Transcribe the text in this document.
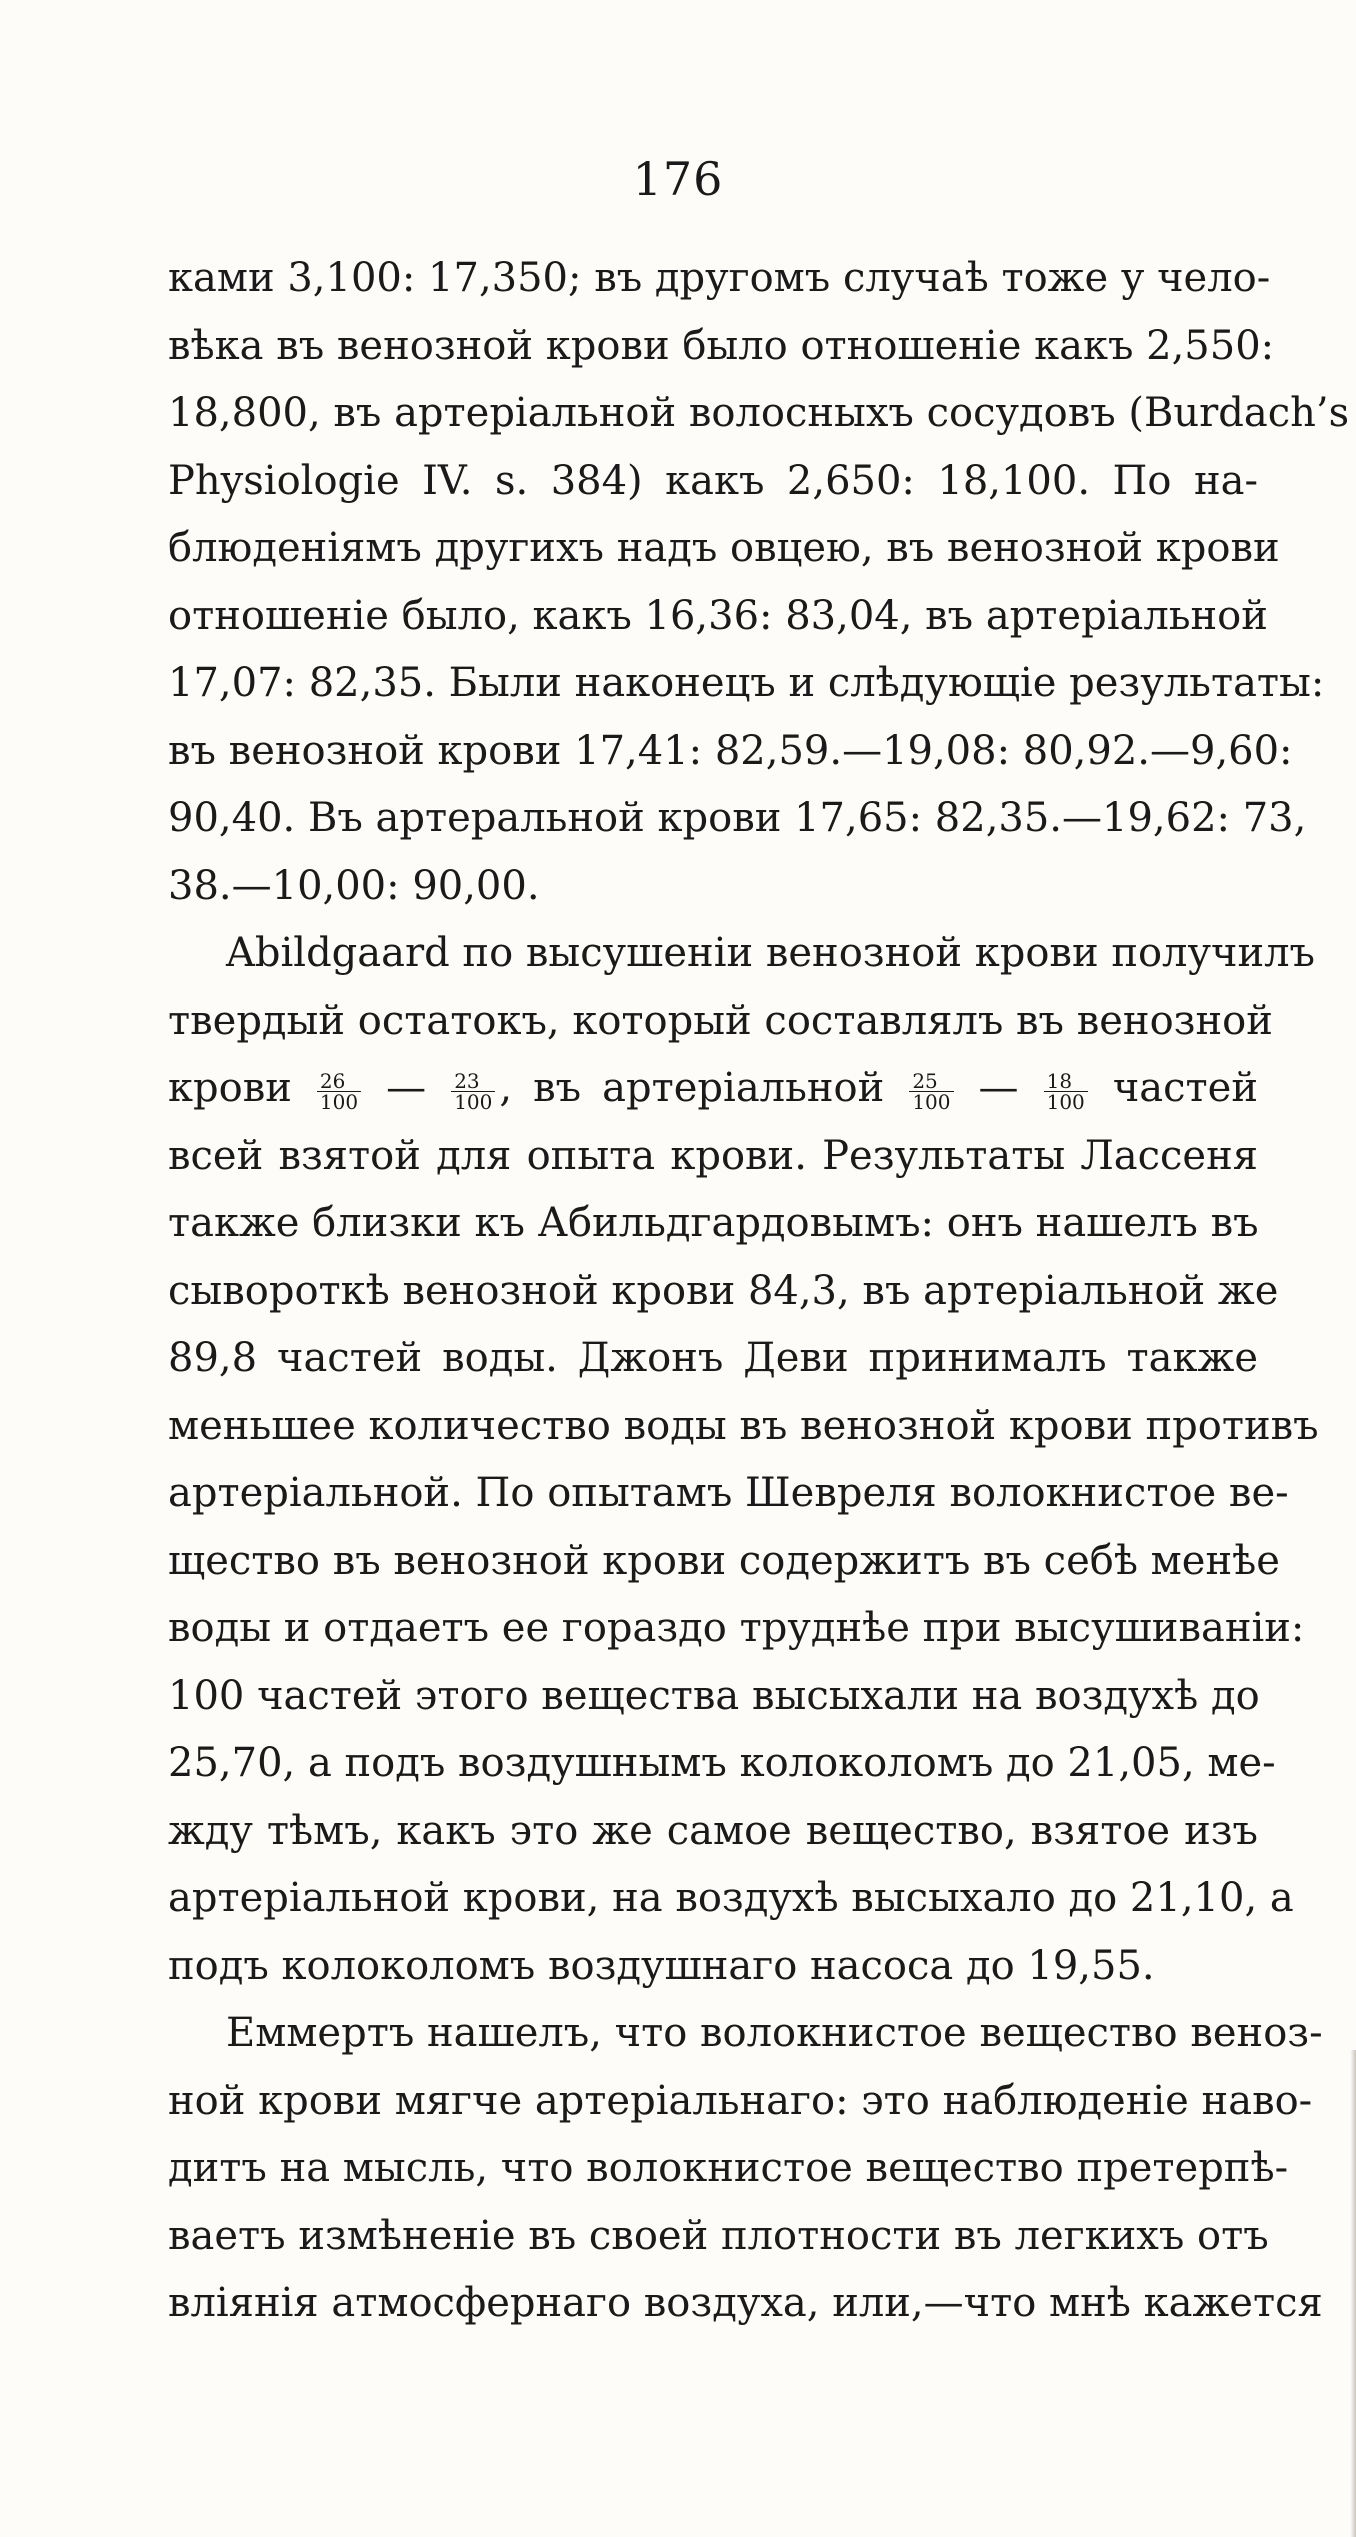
176
ками 3,100: 17,350; въ другомъ случаѣ тоже у чело-
вѣка въ венозной крови было отношеніе какъ 2,550:
18,800, въ артеріальной волосныхъ сосудовъ (Burdach’s
Physiologie IV. s. 384) какъ 2,650: 18,100. По на-
блюденіямъ другихъ надъ овцею, въ венозной крови
отношеніе было, какъ 16,36: 83,04, въ артеріальной
17,07: 82,35. Были наконецъ и слѣдующіе результаты:
въ венозной крови 17,41: 82,59.—19,08: 80,92.—9,60:
90,40. Въ артеральной крови 17,65: 82,35.—19,62: 73,
38.—10,00: 90,00.
Abildgaard по высушеніи венозной крови получилъ
твердый остатокъ, который составлялъ въ венозной
крови $\frac{26}{100}$ — $\frac{23}{100}$ , въ артеріальной $\frac{25}{100}$ — $\frac{18}{100}$ частей
всей взятой для опыта крови. Результаты Лассеня
также близки къ Абильдгардовымъ: онъ нашелъ въ
сывороткѣ венозной крови 84,3, въ артеріальной же
89,8 частей воды. Джонъ Деви принималъ также
меньшее количество воды въ венозной крови противъ
артеріальной. По опытамъ Шевреля волокнистое ве-
щество въ венозной крови содержитъ въ себѣ менѣе
воды и отдаетъ ее гораздо труднѣе при высушиваніи:
100 частей этого вещества высыхали на воздухѣ до
25,70, а подъ воздушнымъ колоколомъ до 21,05, ме-
жду тѣмъ, какъ это же самое вещество, взятое изъ
артеріальной крови, на воздухѣ высыхало до 21,10, а
подъ колоколомъ воздушнаго насоса до 19,55.
Еммертъ нашелъ, что волокнистое вещество веноз-
ной крови мягче артеріальнаго: это наблюденіе наво-
дитъ на мысль, что волокнистое вещество претерпѣ-
ваетъ измѣненіе въ своей плотности въ легкихъ отъ
вліянія атмосфернаго воздуха, или,—что мнѣ кажется
